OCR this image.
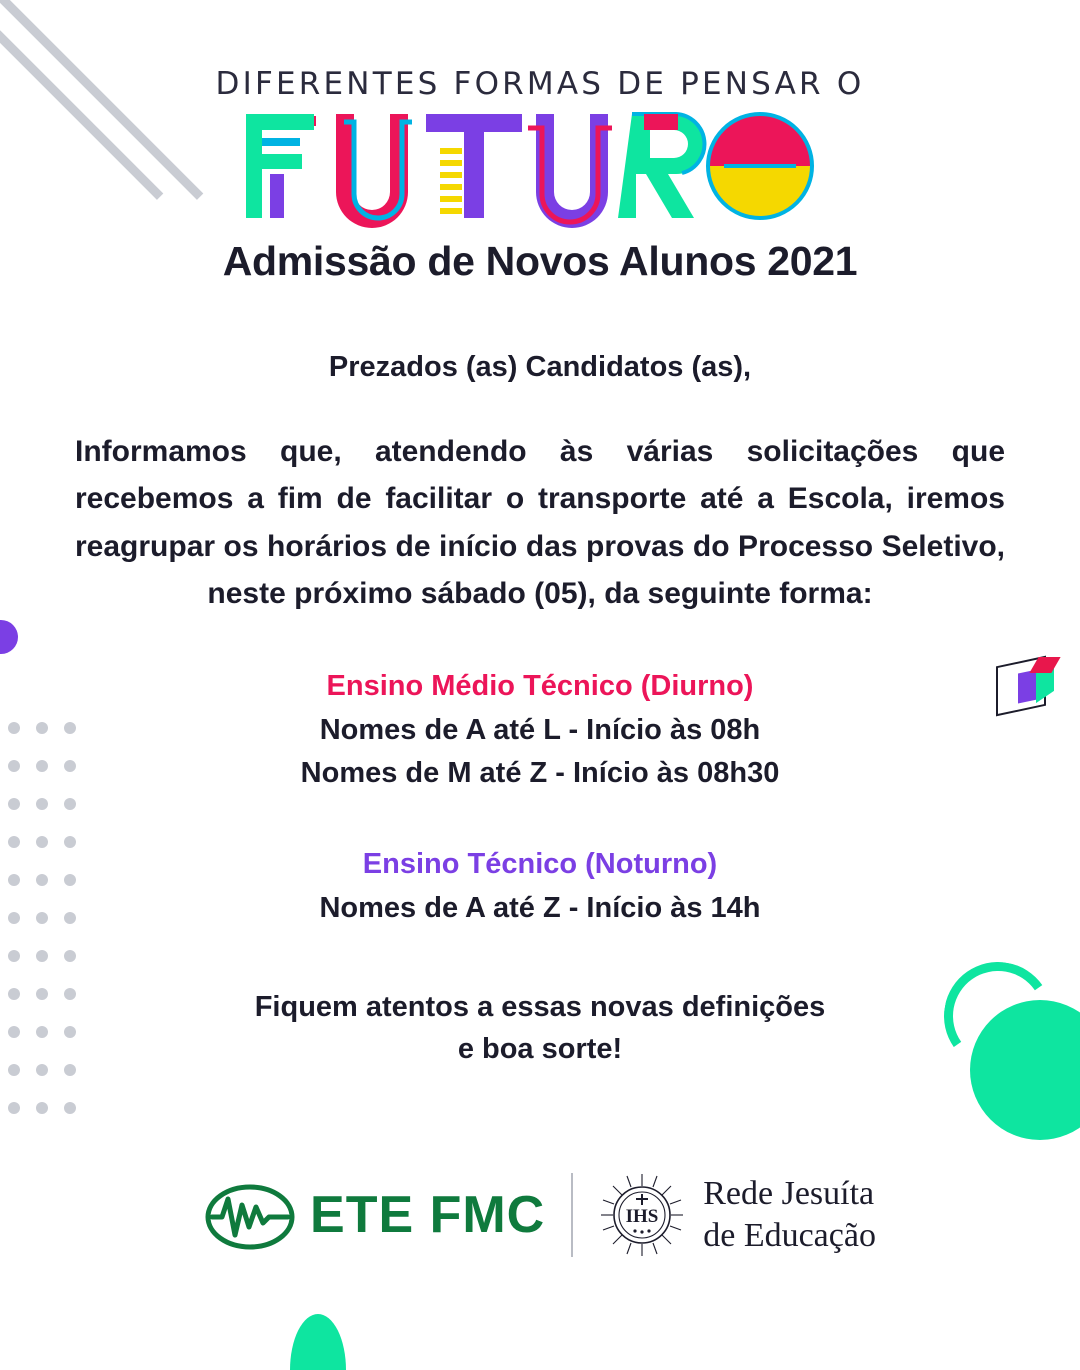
DIFERENTES FORMAS DE PENSAR O
Admissão de Novos Alunos 2021
Prezados (as) Candidatos (as),
Informamos que, atendendo às várias solicitações que recebemos a fim de facilitar o transporte até a Escola, iremos reagrupar os horários de início das provas do Processo Seletivo, neste próximo sábado (05), da seguinte forma:
Ensino Médio Técnico (Diurno)
Nomes de A até L - Início às 08h
Nomes de M até Z - Início às 08h30
Ensino Técnico (Noturno)
Nomes de A até Z - Início às 14h
Fiquem atentos a essas novas definições
e boa sorte!
ETE FMC	IHS
Rede Jesuíta
de Educação
